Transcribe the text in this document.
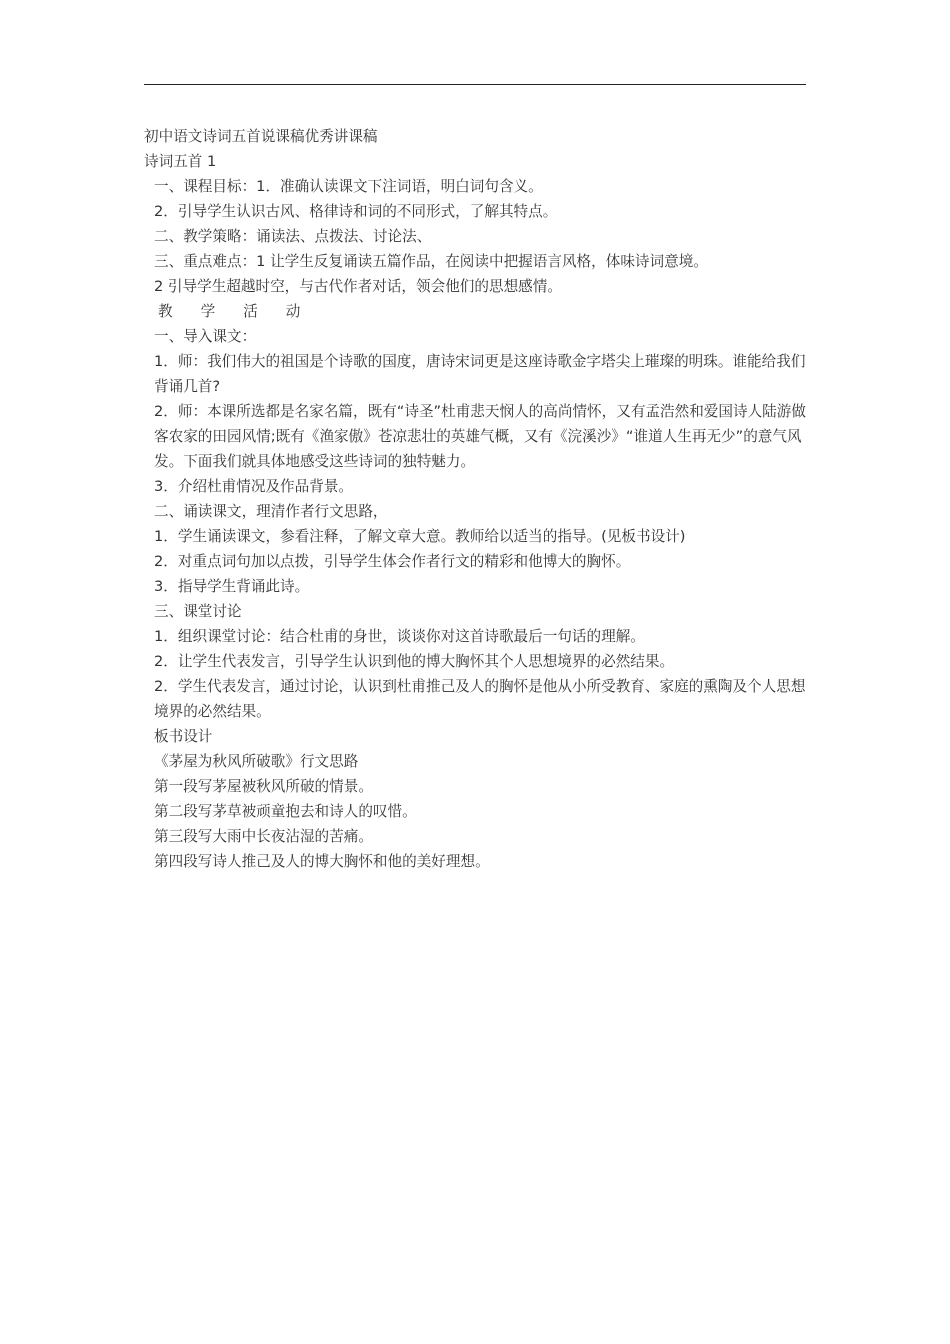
初中语文诗词五首说课稿优秀讲课稿

诗词五首 1

一、课程目标：1．准确认读课文下注词语，明白词句含义。

2．引导学生认识古风、格律诗和词的不同形式，了解其特点。

二、教学策略：诵读法、点拨法、讨论法、

三、重点难点：1 让学生反复诵读五篇作品，在阅读中把握语言风格，体味诗词意境。

2 引导学生超越时空，与古代作者对话，领会他们的思想感情。

教学活动

一、导入课文：

1．师：我们伟大的祖国是个诗歌的国度，唐诗宋词更是这座诗歌金字塔尖上璀璨的明珠。谁能给我们背诵几首?

2．师：本课所选都是名家名篇，既有“诗圣”杜甫悲天悯人的高尚情怀，又有孟浩然和爱国诗人陆游做客农家的田园风情;既有《渔家傲》苍凉悲壮的英雄气概，又有《浣溪沙》“谁道人生再无少”的意气风发。下面我们就具体地感受这些诗词的独特魅力。

3．介绍杜甫情况及作品背景。

二、诵读课文，理清作者行文思路，

1．学生诵读课文，参看注释，了解文章大意。教师给以适当的指导。(见板书设计)

2．对重点词句加以点拨，引导学生体会作者行文的精彩和他博大的胸怀。

3．指导学生背诵此诗。

三、课堂讨论

1．组织课堂讨论：结合杜甫的身世，谈谈你对这首诗歌最后一句话的理解。

2．让学生代表发言，引导学生认识到他的博大胸怀其个人思想境界的必然结果。

2．学生代表发言，通过讨论，认识到杜甫推己及人的胸怀是他从小所受教育、家庭的熏陶及个人思想境界的必然结果。

板书设计

《茅屋为秋风所破歌》行文思路

第一段写茅屋被秋风所破的情景。

第二段写茅草被顽童抱去和诗人的叹惜。

第三段写大雨中长夜沾湿的苦痛。

第四段写诗人推己及人的博大胸怀和他的美好理想。
